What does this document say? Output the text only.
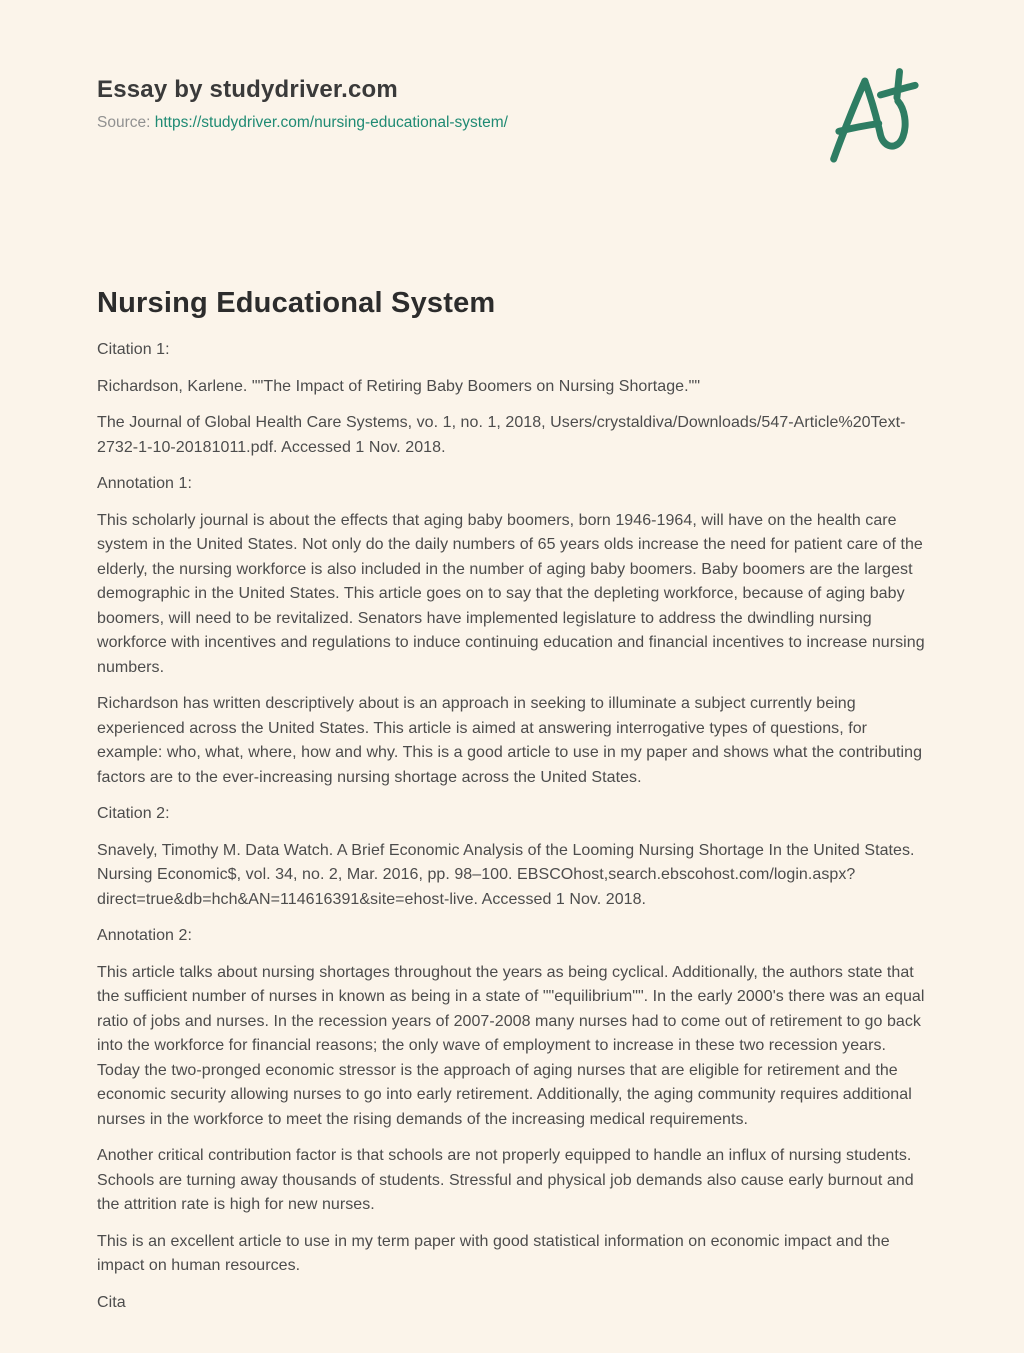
Essay by studydriver.com
Source: https://studydriver.com/nursing-educational-system/
Nursing Educational System

Citation 1:

Richardson, Karlene. ""The Impact of Retiring Baby Boomers on Nursing Shortage.""

The Journal of Global Health Care Systems, vo. 1, no. 1, 2018, Users/crystaldiva/Downloads/547-Article%20Text-2732-1-10-20181011.pdf. Accessed 1 Nov. 2018.

Annotation 1:

This scholarly journal is about the effects that aging baby boomers, born 1946-1964, will have on the health care system in the United States. Not only do the daily numbers of 65 years olds increase the need for patient care of the elderly, the nursing workforce is also included in the number of aging baby boomers. Baby boomers are the largest demographic in the United States. This article goes on to say that the depleting workforce, because of aging baby boomers, will need to be revitalized. Senators have implemented legislature to address the dwindling nursing workforce with incentives and regulations to induce continuing education and financial incentives to increase nursing numbers.

Richardson has written descriptively about is an approach in seeking to illuminate a subject currently being experienced across the United States. This article is aimed at answering interrogative types of questions, for example: who, what, where, how and why. This is a good article to use in my paper and shows what the contributing factors are to the ever-increasing nursing shortage across the United States.

Citation 2:

Snavely, Timothy M. Data Watch. A Brief Economic Analysis of the Looming Nursing Shortage In the United States. Nursing Economic$, vol. 34, no. 2, Mar. 2016, pp. 98–100. EBSCOhost,search.ebscohost.com/login.aspx?direct=true&db=hch&AN=114616391&site=ehost-live. Accessed 1 Nov. 2018.

Annotation 2:

This article talks about nursing shortages throughout the years as being cyclical. Additionally, the authors state that the sufficient number of nurses in known as being in a state of ""equilibrium"". In the early 2000's there was an equal ratio of jobs and nurses. In the recession years of 2007-2008 many nurses had to come out of retirement to go back into the workforce for financial reasons; the only wave of employment to increase in these two recession years. Today the two-pronged economic stressor is the approach of aging nurses that are eligible for retirement and the economic security allowing nurses to go into early retirement. Additionally, the aging community requires additional nurses in the workforce to meet the rising demands of the increasing medical requirements.

Another critical contribution factor is that schools are not properly equipped to handle an influx of nursing students. Schools are turning away thousands of students. Stressful and physical job demands also cause early burnout and the attrition rate is high for new nurses.

This is an excellent article to use in my term paper with good statistical information on economic impact and the impact on human resources.

Cita
